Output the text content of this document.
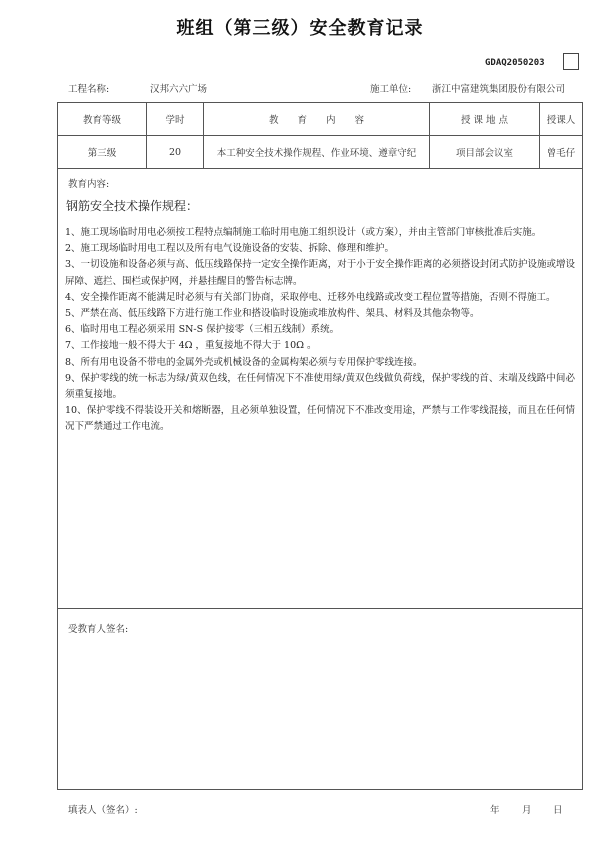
班组（第三级）安全教育记录
GDAQ2050203
工程名称:	汉邦六六广场	施工单位: 浙江中富建筑集团股份有限公司
教育等级	学时	教　　育　　内　　容	授 课 地 点	授课人
第三级	20	本工种安全技术操作规程、作业环境、遵章守纪	项目部会议室	曾毛仔
教育内容:
钢筋安全技术操作规程：
1、施工现场临时用电必须按工程特点编制施工临时用电施工组织设计（或方案），并由主管部门审核批准后实施。
2、施工现场临时用电工程以及所有电气设施设备的安装、拆除、修理和维护。
3、一切设施和设备必须与高、低压线路保持一定安全操作距离，对于小于安全操作距离的必须搭设封闭式防护设施或增设屏障、遮拦、围栏或保护网，并悬挂醒目的警告标志牌。
4、安全操作距离不能满足时必须与有关部门协商，采取停电、迁移外电线路或改变工程位置等措施，否则不得施工。
5、严禁在高、低压线路下方进行施工作业和搭设临时设施或堆放构件、架具、材料及其他杂物等。
6、临时用电工程必须采用 SN-S 保护接零（三相五线制）系统。
7、工作接地一般不得大于 4Ω ，重复接地不得大于 10Ω 。
8、所有用电设备不带电的金属外壳或机械设备的金属构架必须与专用保护零线连接。
9、保护零线的统一标志为绿/黄双色线，在任何情况下不准使用绿/黄双色线做负荷线，保护零线的首、末端及线路中间必须重复接地。
10、保护零线不得装设开关和熔断器，且必须单独设置，任何情况下不准改变用途，严禁与工作零线混接，而且在任何情况下严禁通过工作电流。
受教育人签名:
填表人（签名）:	年 月 日
